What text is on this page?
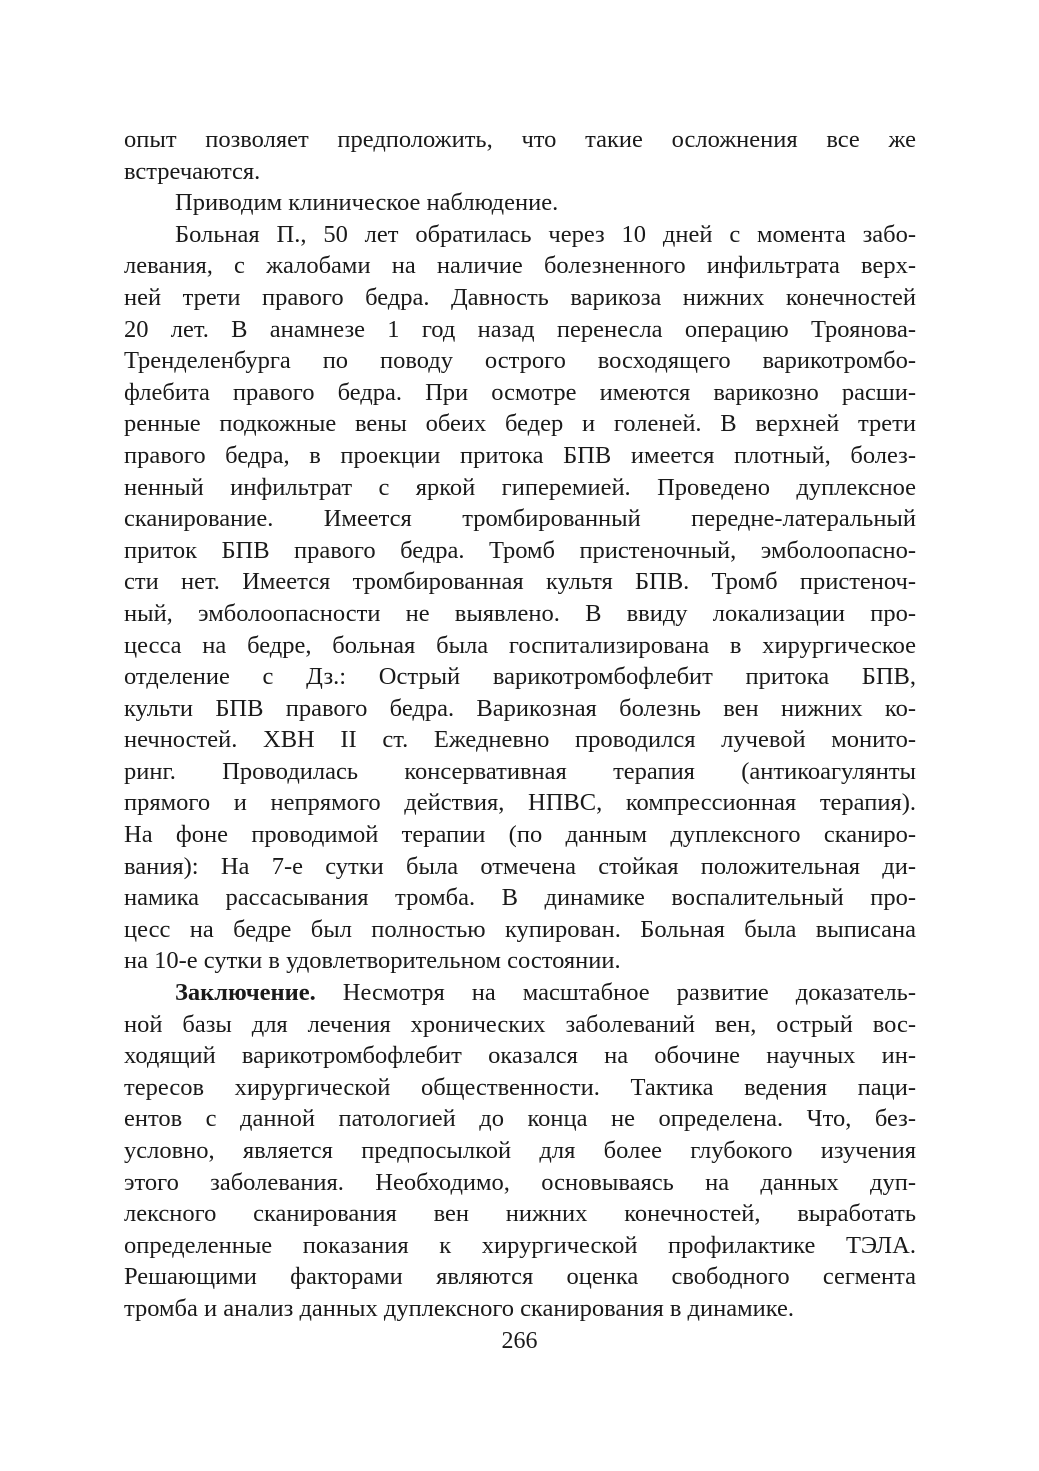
опыт позволяет предположить, что такие осложнения все же
встречаются.
Приводим клиническое наблюдение.
Больная П., 50 лет обратилась через 10 дней с момента забо-
левания, с жалобами на наличие болезненного инфильтрата верх-
ней трети правого бедра. Давность варикоза нижних конечностей
20 лет. В анамнезе 1 год назад перенесла операцию Троянова-
Тренделенбурга по поводу острого восходящего варикотромбо-
флебита правого бедра. При осмотре имеются варикозно расши-
ренные подкожные вены обеих бедер и голеней. В верхней трети
правого бедра, в проекции притока БПВ имеется плотный, болез-
ненный инфильтрат с яркой гиперемией. Проведено дуплексное
сканирование. Имеется тромбированный передне-латеральный
приток БПВ правого бедра. Тромб пристеночный, эмболоопасно-
сти нет. Имеется тромбированная культя БПВ. Тромб пристеноч-
ный, эмболоопасности не выявлено. В ввиду локализации про-
цесса на бедре, больная была госпитализирована в хирургическое
отделение с Дз.: Острый варикотромбофлебит притока БПВ,
культи БПВ правого бедра. Варикозная болезнь вен нижних ко-
нечностей. ХВН II ст. Ежедневно проводился лучевой монито-
ринг. Проводилась консервативная терапия (антикоагулянты
прямого и непрямого действия, НПВС, компрессионная терапия).
На фоне проводимой терапии (по данным дуплексного сканиро-
вания): На 7-е сутки была отмечена стойкая положительная ди-
намика рассасывания тромба. В динамике воспалительный про-
цесс на бедре был полностью купирован. Больная была выписана
на 10-е сутки в удовлетворительном состоянии.
Заключение. Несмотря на масштабное развитие доказатель-
ной базы для лечения хронических заболеваний вен, острый вос-
ходящий варикотромбофлебит оказался на обочине научных ин-
тересов хирургической общественности. Тактика ведения паци-
ентов с данной патологией до конца не определена. Что, без-
условно, является предпосылкой для более глубокого изучения
этого заболевания. Необходимо, основываясь на данных дуп-
лексного сканирования вен нижних конечностей, выработать
определенные показания к хирургической профилактике ТЭЛА.
Решающими факторами являются оценка свободного сегмента
тромба и анализ данных дуплексного сканирования в динамике.
266
